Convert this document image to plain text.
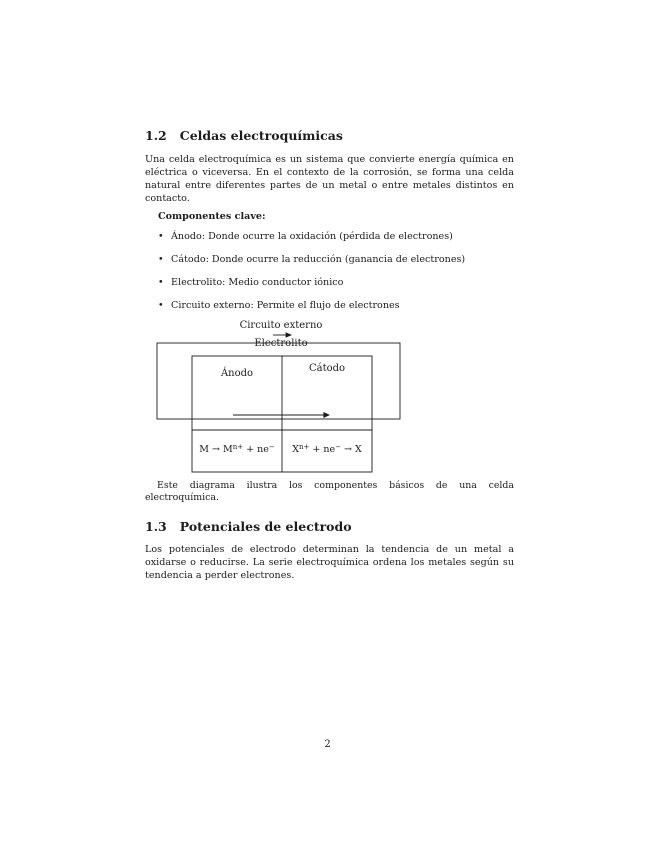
1.2 Celdas electroquímicas

Una celda electroquímica es un sistema que convierte energía química en eléctrica o viceversa. En el contexto de la corrosión, se forma una celda natural entre diferentes partes de un metal o entre metales distintos en contacto.

Componentes clave:

• Ánodo: Donde ocurre la oxidación (pérdida de electrones)
• Cátodo: Donde ocurre la reducción (ganancia de electrones)
• Electrolito: Medio conductor iónico
• Circuito externo: Permite el flujo de electrones
Circuito externo
Electrolito
Ánodo	Cátodo
$M \to M^{n+} + ne^-$ $X^{n+} + ne^- \to X$

Este diagrama ilustra los componentes básicos de una celda electroquímica.

1.3 Potenciales de electrodo

Los potenciales de electrodo determinan la tendencia de un metal a oxidarse o reducirse. La serie electroquímica ordena los metales según su tendencia a perder electrones.

2
